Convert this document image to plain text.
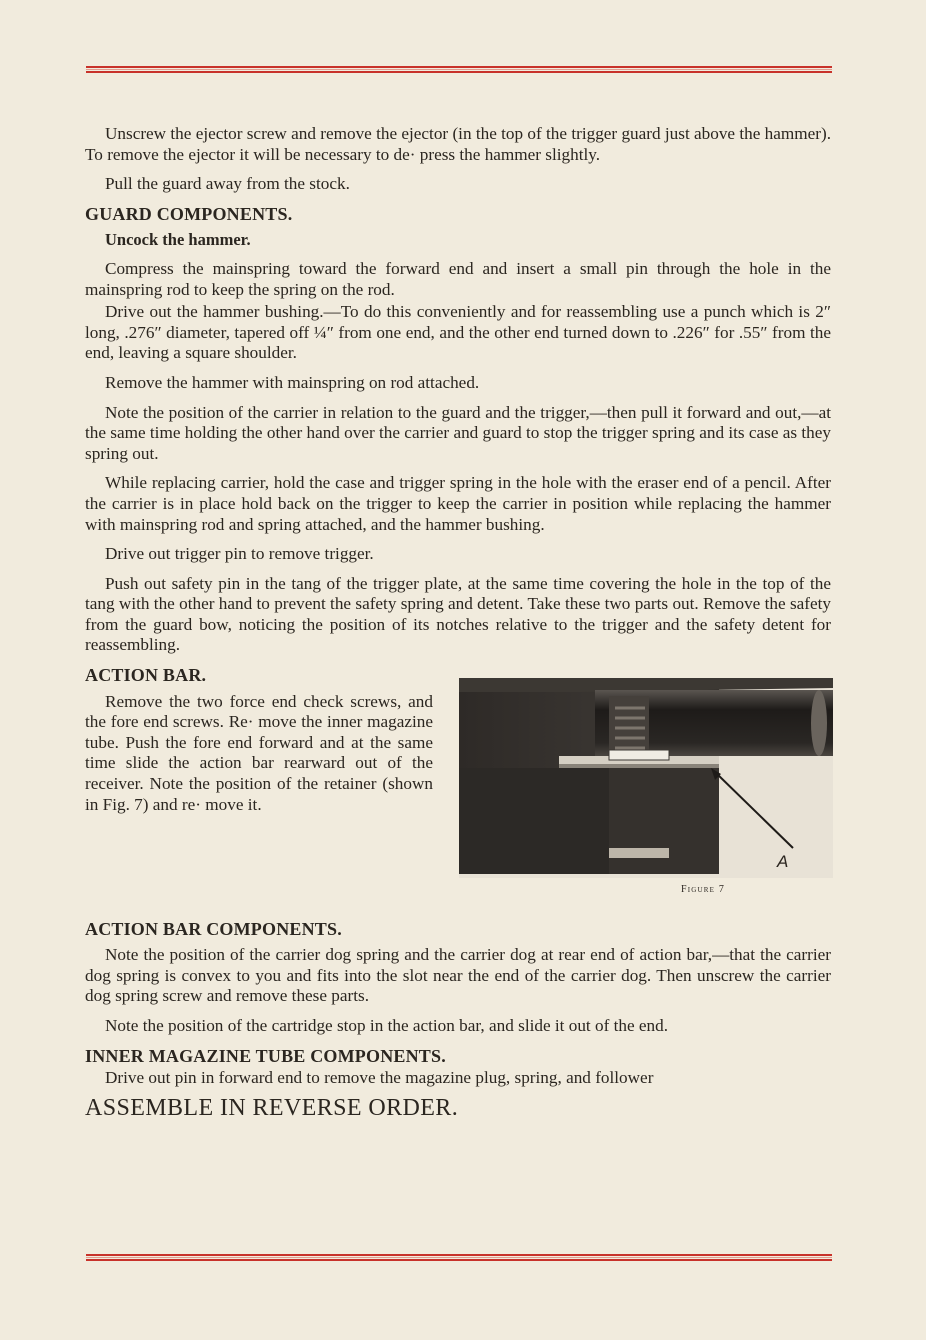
Unscrew the ejector screw and remove the ejector (in the top of the trigger guard just above the hammer). To remove the ejector it will be necessary to de· press the hammer slightly.

Pull the guard away from the stock.

GUARD COMPONENTS.
Uncock the hammer.

Compress the mainspring toward the forward end and insert a small pin through the hole in the mainspring rod to keep the spring on the rod.

Drive out the hammer bushing.—To do this conveniently and for reassembling use a punch which is 2″ long, .276″ diameter, tapered off ¼″ from one end, and the other end turned down to .226″ for .55″ from the end, leaving a square shoulder.

Remove the hammer with mainspring on rod attached.

Note the position of the carrier in relation to the guard and the trigger,—then pull it forward and out,—at the same time holding the other hand over the carrier and guard to stop the trigger spring and its case as they spring out.

While replacing carrier, hold the case and trigger spring in the hole with the eraser end of a pencil. After the carrier is in place hold back on the trigger to keep the carrier in position while replacing the hammer with mainspring rod and spring attached, and the hammer bushing.

Drive out trigger pin to remove trigger.

Push out safety pin in the tang of the trigger plate, at the same time covering the hole in the top of the tang with the other hand to prevent the safety spring and detent. Take these two parts out. Remove the safety from the guard bow, noticing the position of its notches relative to the trigger and the safety detent for reassembling.

ACTION BAR.

Remove the two force end check screws, and the fore end screws. Re· move the inner magazine tube. Push the fore end forward and at the same time slide the action bar rearward out of the receiver. Note the position of the retainer (shown in Fig. 7) and re· move it.

A
Figure 7
ACTION BAR COMPONENTS.

Note the position of the carrier dog spring and the carrier dog at rear end of action bar,—that the carrier dog spring is convex to you and fits into the slot near the end of the carrier dog. Then unscrew the carrier dog spring screw and remove these parts.

Note the position of the cartridge stop in the action bar, and slide it out of the end.

INNER MAGAZINE TUBE COMPONENTS.

Drive out pin in forward end to remove the magazine plug, spring, and follower

ASSEMBLE IN REVERSE ORDER.
